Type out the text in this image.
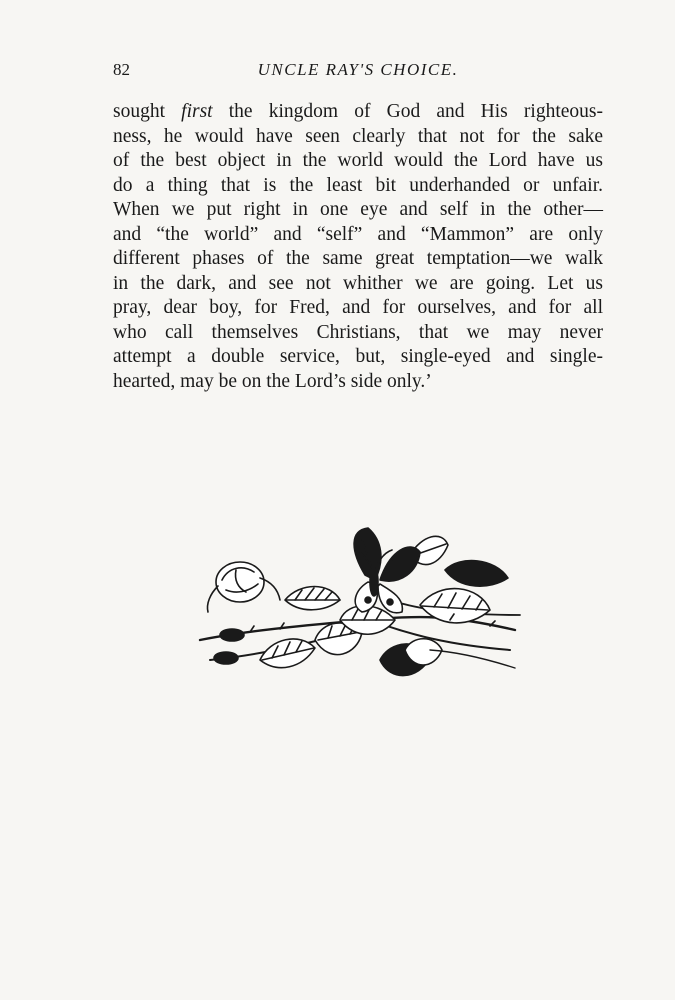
82	UNCLE RAY'S CHOICE.
sought first the kingdom of God and His righteous-
ness, he would have seen clearly that not for the sake
of the best object in the world would the Lord have us
do a thing that is the least bit underhanded or unfair.
When we put right in one eye and self in the other—
and “the world” and “self” and “Mammon” are only
different phases of the same great temptation—we walk
in the dark, and see not whither we are going. Let us
pray, dear boy, for Fred, and for ourselves, and for all
who call themselves Christians, that we may never
attempt a double service, but, single-eyed and single-
hearted, may be on the Lord’s side only.’
